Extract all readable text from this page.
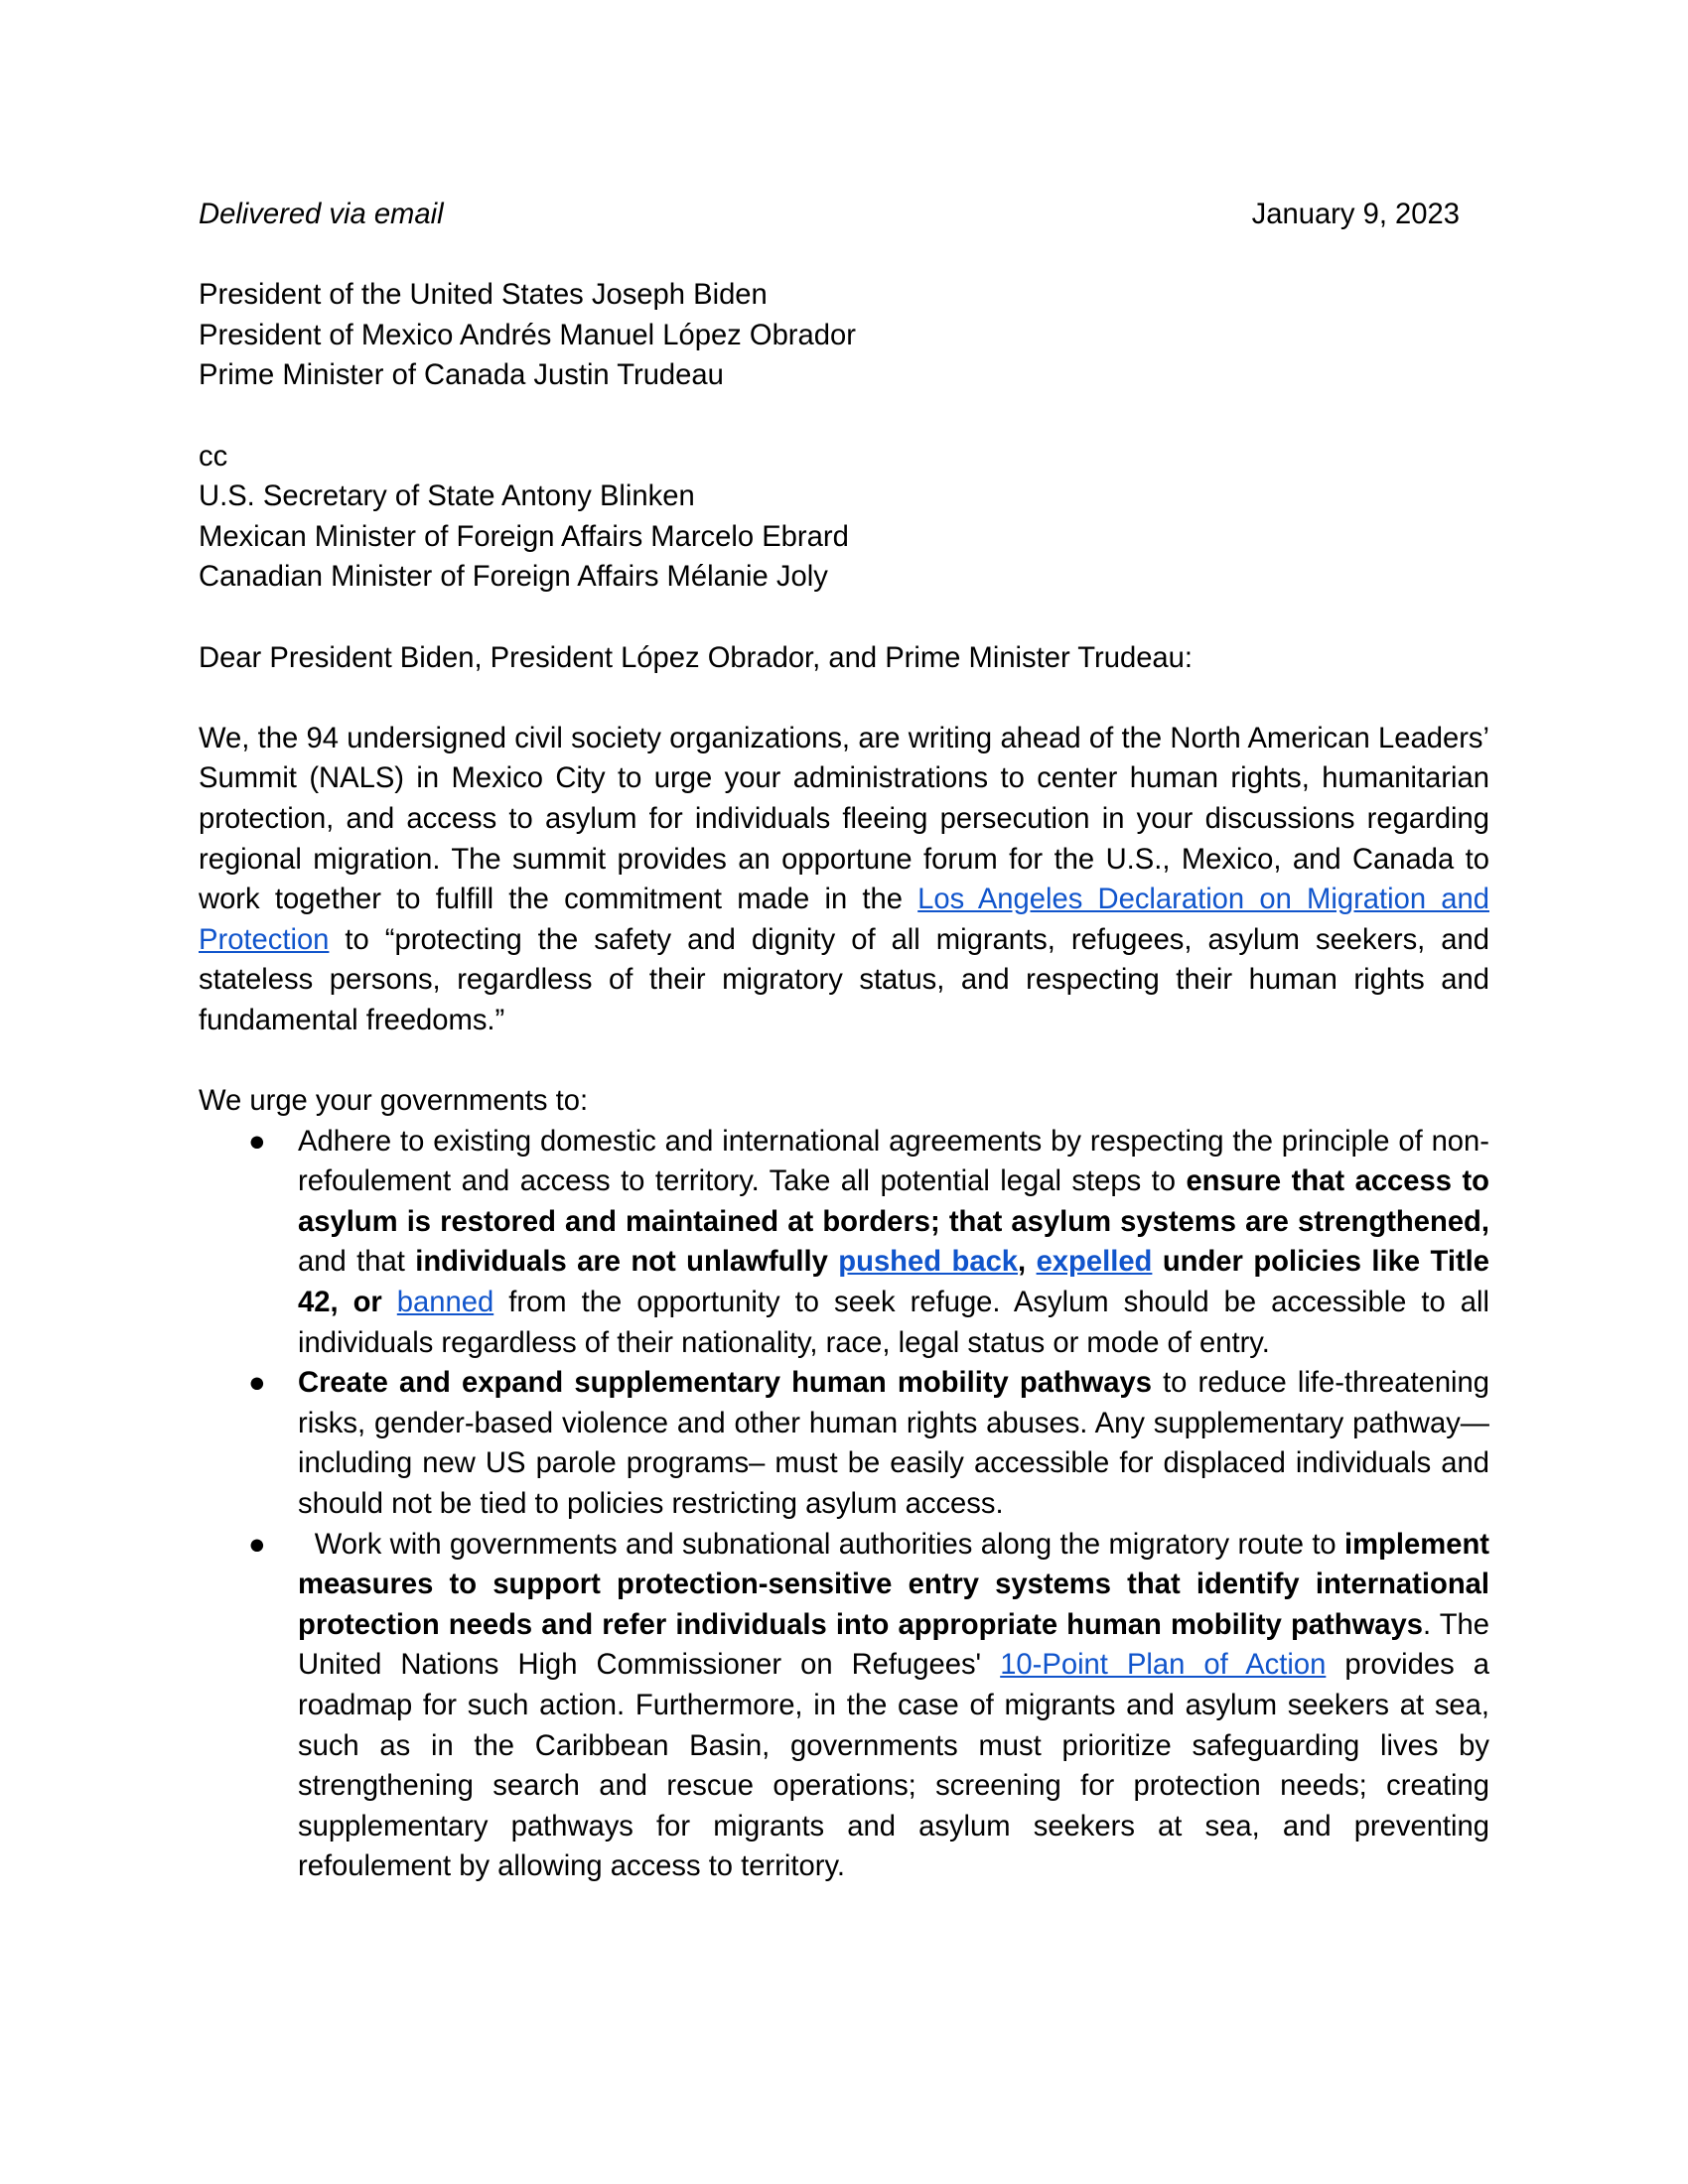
Delivered via email	January 9, 2023
President of the United States Joseph Biden
President of Mexico Andrés Manuel López Obrador
Prime Minister of Canada Justin Trudeau
cc
U.S. Secretary of State Antony Blinken
Mexican Minister of Foreign Affairs Marcelo Ebrard
Canadian Minister of Foreign Affairs Mélanie Joly
Dear President Biden, President López Obrador, and Prime Minister Trudeau:

We, the 94 undersigned civil society organizations, are writing ahead of the North American Leaders’ Summit (NALS) in Mexico City to urge your administrations to center human rights, humanitarian protection, and access to asylum for individuals fleeing persecution in your discussions regarding regional migration. The summit provides an opportune forum for the U.S., Mexico, and Canada to work together to fulfill the commitment made in the Los Angeles Declaration on Migration and Protection to “protecting the safety and dignity of all migrants, refugees, asylum seekers, and stateless persons, regardless of their migratory status, and respecting their human rights and fundamental freedoms.”

We urge your governments to:
● Adhere to existing domestic and international agreements by respecting the principle of non-refoulement and access to territory. Take all potential legal steps to ensure that access to asylum is restored and maintained at borders; that asylum systems are strengthened, and that individuals are not unlawfully pushed back, expelled under policies like Title 42, or banned from the opportunity to seek refuge. Asylum should be accessible to all individuals regardless of their nationality, race, legal status or mode of entry.
● Create and expand supplementary human mobility pathways to reduce life-threatening risks, gender-based violence and other human rights abuses. Any supplementary pathway—including new US parole programs– must be easily accessible for displaced individuals and should not be tied to policies restricting asylum access.
● Work with governments and subnational authorities along the migratory route to implement measures to support protection-sensitive entry systems that identify international protection needs and refer individuals into appropriate human mobility pathways. The United Nations High Commissioner on Refugees' 10-Point Plan of Action provides a roadmap for such action. Furthermore, in the case of migrants and asylum seekers at sea, such as in the Caribbean Basin, governments must prioritize safeguarding lives by strengthening search and rescue operations; screening for protection needs; creating supplementary pathways for migrants and asylum seekers at sea, and preventing refoulement by allowing access to territory.
